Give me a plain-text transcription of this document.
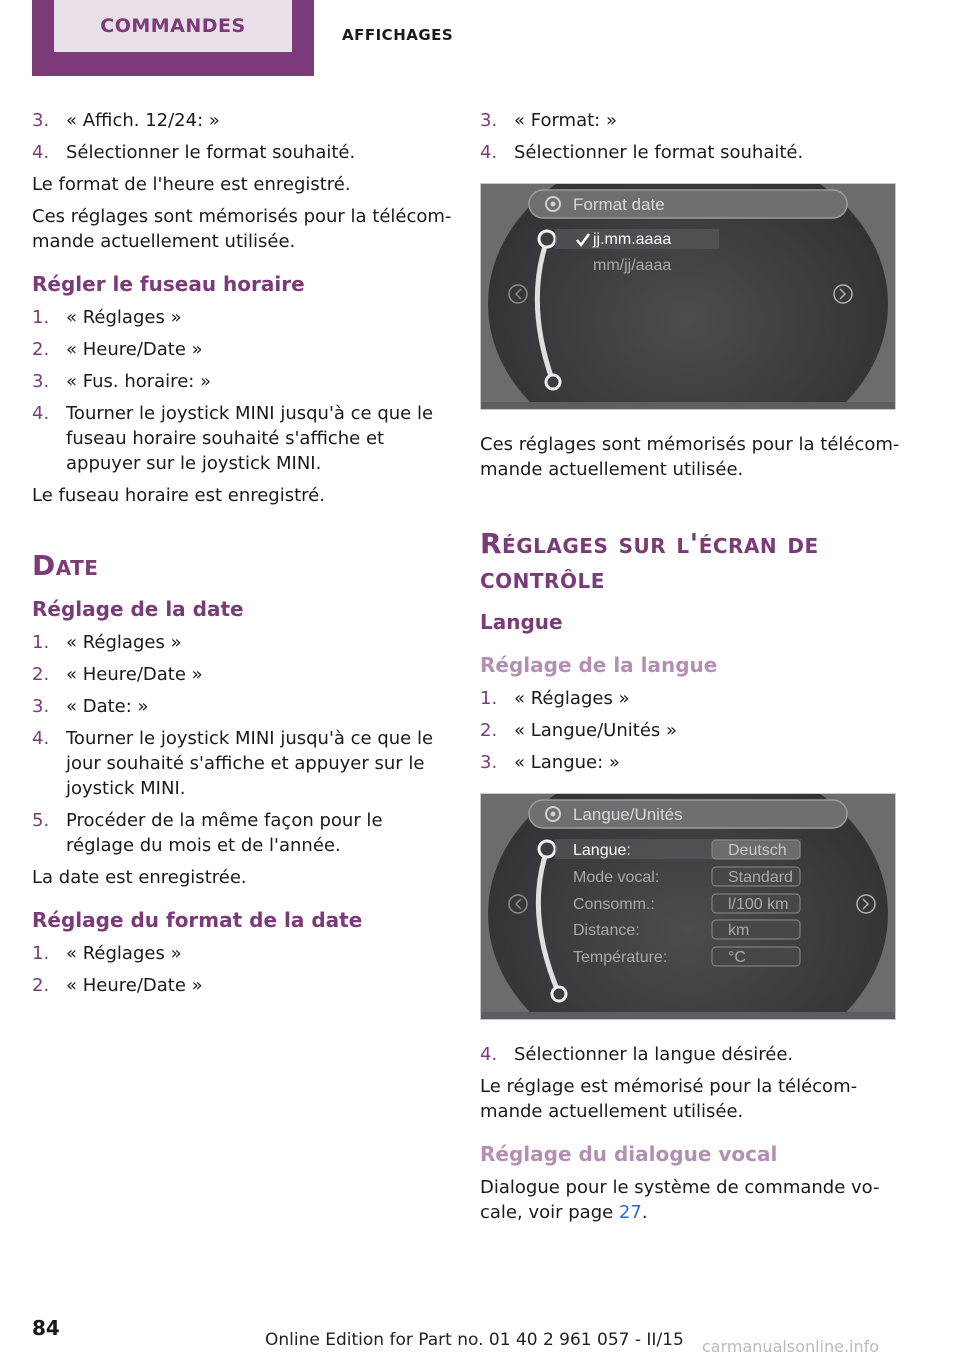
COMMANDES	AFFICHAGES
3. « Affich. 12/24: »
4. Sélectionner le format souhaité.

Le format de l'heure est enregistré.

Ces réglages sont mémorisés pour la télécom-mande actuellement utilisée.

Régler le fuseau horaire
1. « Réglages »
2. « Heure/Date »
3. « Fus. horaire: »
4. Tourner le joystick MINI jusqu'à ce que le fuseau horaire souhaité s'affiche et appuyer sur le joystick MINI.

Le fuseau horaire est enregistré.

Date
Réglage de la date
1. « Réglages »
2. « Heure/Date »
3. « Date: »
4. Tourner le joystick MINI jusqu'à ce que le jour souhaité s'affiche et appuyer sur le joystick MINI.
5. Procéder de la même façon pour le réglage du mois et de l'année.

La date est enregistrée.

Réglage du format de la date
1. « Réglages »
2. « Heure/Date »
3. « Format: »
4. Sélectionner le format souhaité.
Format date
jj.mm.aaaa
mm/jj/aaaa

Ces réglages sont mémorisés pour la télécom-mande actuellement utilisée.

Réglages sur l'écran de contrôle
Langue
Réglage de la langue
1. « Réglages »
2. « Langue/Unités »
3. « Langue: »
Langue/Unités
Langue:	Deutsch
Mode vocal:	Standard
Consomm.:	l/100 km
Distance:	km
Température:	°C
4. Sélectionner la langue désirée.

Le réglage est mémorisé pour la télécom-mande actuellement utilisée.

Réglage du dialogue vocal

Dialogue pour le système de commande vo-cale, voir page 27.

84	Online Edition for Part no. 01 40 2 961 057 - II/15 carmanualsonline.info
